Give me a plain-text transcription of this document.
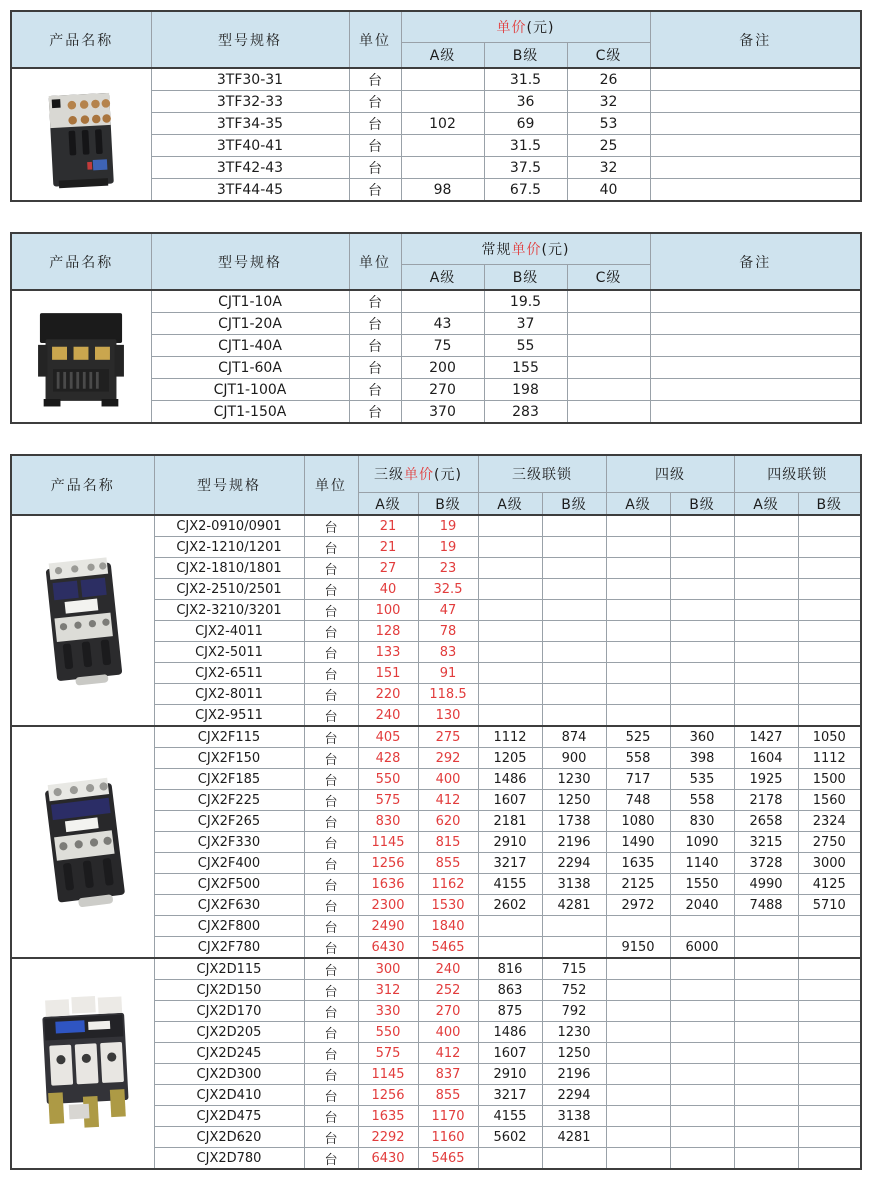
产品名称	型号规格	单位	单价(元)			备注
			A级	B级	C级	

	3TF30-31	台		31.5	26	
	3TF32-33	台		36	32	
	3TF34-35	台	102	69	53	
	3TF40-41	台		31.5	25	
	3TF42-43	台		37.5	32	
	3TF44-45	台	98	67.5	40	
产品名称	型号规格	单位	常规单价(元)			备注
			A级	B级	C级	

	CJT1-10A	台		19.5		
	CJT1-20A	台	43	37		
	CJT1-40A	台	75	55		
	CJT1-60A	台	200	155		
	CJT1-100A	台	270	198		
	CJT1-150A	台	370	283		
产品名称	型号规格	单位	三级单价(元)		三级联锁		四级		四级联锁	
			A级	B级	A级	B级	A级	B级	A级	B级

	CJX2-0910/0901	台	21	19						
	CJX2-1210/1201	台	21	19						
	CJX2-1810/1801	台	27	23						
	CJX2-2510/2501	台	40	32.5						
	CJX2-3210/3201	台	100	47						
	CJX2-4011	台	128	78						
	CJX2-5011	台	133	83						
	CJX2-6511	台	151	91						
	CJX2-8011	台	220	118.5						
	CJX2-9511	台	240	130						

	CJX2F115	台	405	275	1112	874	525	360	1427	1050
	CJX2F150	台	428	292	1205	900	558	398	1604	1112
	CJX2F185	台	550	400	1486	1230	717	535	1925	1500
	CJX2F225	台	575	412	1607	1250	748	558	2178	1560
	CJX2F265	台	830	620	2181	1738	1080	830	2658	2324
	CJX2F330	台	1145	815	2910	2196	1490	1090	3215	2750
	CJX2F400	台	1256	855	3217	2294	1635	1140	3728	3000
	CJX2F500	台	1636	1162	4155	3138	2125	1550	4990	4125
	CJX2F630	台	2300	1530	2602	4281	2972	2040	7488	5710
	CJX2F800	台	2490	1840						
	CJX2F780	台	6430	5465			9150	6000		

	CJX2D115	台	300	240	816	715				
	CJX2D150	台	312	252	863	752				
	CJX2D170	台	330	270	875	792				
	CJX2D205	台	550	400	1486	1230				
	CJX2D245	台	575	412	1607	1250				
	CJX2D300	台	1145	837	2910	2196				
	CJX2D410	台	1256	855	3217	2294				
	CJX2D475	台	1635	1170	4155	3138				
	CJX2D620	台	2292	1160	5602	4281				
	CJX2D780	台	6430	5465						
